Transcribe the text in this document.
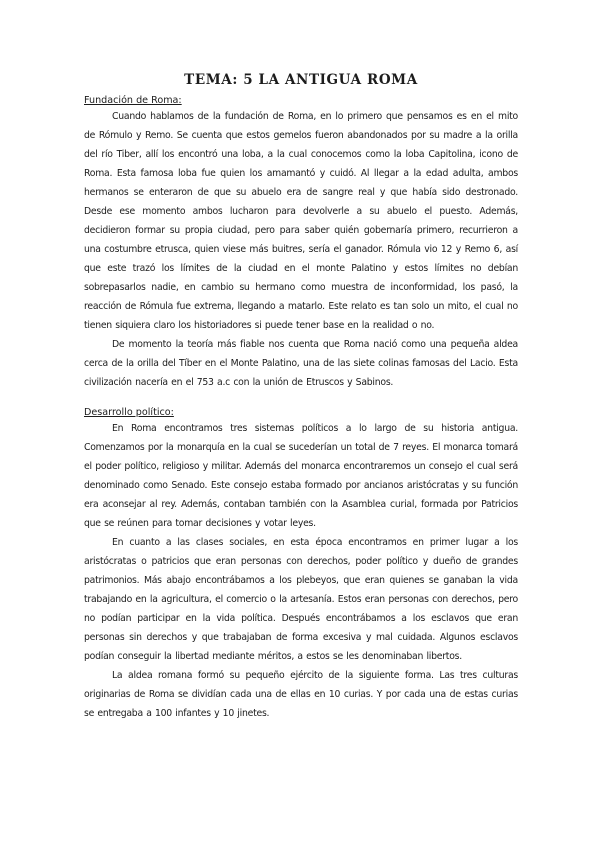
TEMA: 5 LA ANTIGUA ROMA
Fundación de Roma:

Cuando hablamos de la fundación de Roma, en lo primero que pensamos es en el mito de Rómulo y Remo. Se cuenta que estos gemelos fueron abandonados por su madre a la orilla del río Tiber, allí los encontró una loba, a la cual conocemos como la loba Capitolina, icono de Roma. Esta famosa loba fue quien los amamantó y cuidó. Al llegar a la edad adulta, ambos hermanos se enteraron de que su abuelo era de sangre real y que había sido destronado. Desde ese momento ambos lucharon para devolverle a su abuelo el puesto. Además, decidieron formar su propia ciudad, pero para saber quién gobernaría primero, recurrieron a una costumbre etrusca, quien viese más buitres, sería el ganador. Rómula vio 12 y Remo 6, así que este trazó los límites de la ciudad en el monte Palatino y estos límites no debían sobrepasarlos nadie, en cambio su hermano como muestra de inconformidad, los pasó, la reacción de Rómula fue extrema, llegando a matarlo. Este relato es tan solo un mito, el cual no tienen siquiera claro los historiadores si puede tener base en la realidad o no.

De momento la teoría más fiable nos cuenta que Roma nació como una pequeña aldea cerca de la orilla del Tíber en el Monte Palatino, una de las siete colinas famosas del Lacio. Esta civilización nacería en el 753 a.c con la unión de Etruscos y Sabinos.

Desarrollo político:

En Roma encontramos tres sistemas políticos a lo largo de su historia antigua. Comenzamos por la monarquía en la cual se sucederían un total de 7 reyes. El monarca tomará el poder político, religioso y militar. Además del monarca encontraremos un consejo el cual será denominado como Senado. Este consejo estaba formado por ancianos aristócratas y su función era aconsejar al rey. Además, contaban también con la Asamblea curial, formada por Patricios que se reúnen para tomar decisiones y votar leyes.

En cuanto a las clases sociales, en esta época encontramos en primer lugar a los aristócratas o patricios que eran personas con derechos, poder político y dueño de grandes patrimonios. Más abajo encontrábamos a los plebeyos, que eran quienes se ganaban la vida trabajando en la agricultura, el comercio o la artesanía. Estos eran personas con derechos, pero no podían participar en la vida política. Después encontrábamos a los esclavos que eran personas sin derechos y que trabajaban de forma excesiva y mal cuidada. Algunos esclavos podían conseguir la libertad mediante méritos, a estos se les denominaban libertos.

La aldea romana formó su pequeño ejército de la siguiente forma. Las tres culturas originarias de Roma se dividían cada una de ellas en 10 curias. Y por cada una de estas curias se entregaba a 100 infantes y 10 jinetes.
